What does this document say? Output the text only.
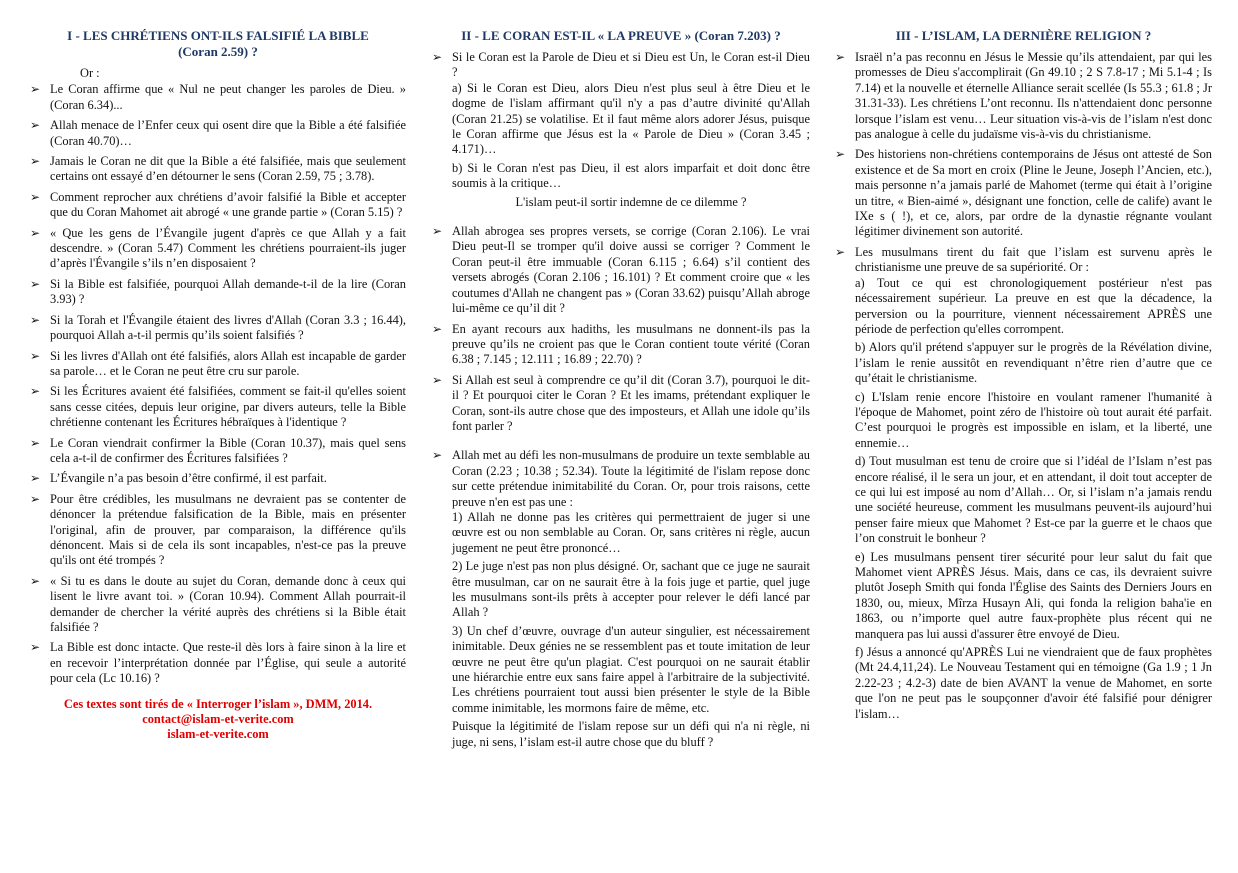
I - LES CHRÉTIENS ONT-ILS FALSIFIÉ LA BIBLE
(Coran 2.59) ?
Or :
➢ Le Coran affirme que « Nul ne peut changer les paroles de Dieu. » (Coran 6.34)...
➢ Allah menace de l’Enfer ceux qui osent dire que la Bible a été falsifiée (Coran 40.70)…
➢ Jamais le Coran ne dit que la Bible a été falsifiée, mais que seulement certains ont essayé d’en détourner le sens (Coran 2.59, 75 ; 3.78).
➢ Comment reprocher aux chrétiens d’avoir falsifié la Bible et accepter que du Coran Mahomet ait abrogé « une grande partie » (Coran 5.15) ?
➢ « Que les gens de l’Évangile jugent d'après ce que Allah y a fait descendre. » (Coran 5.47) Comment les chrétiens pourraient-ils juger d’après l'Évangile s’ils n’en disposaient ?
➢ Si la Bible est falsifiée, pourquoi Allah demande-t-il de la lire (Coran 3.93) ?
➢ Si la Torah et l'Évangile étaient des livres d'Allah (Coran 3.3 ; 16.44), pourquoi Allah a-t-il permis qu’ils soient falsifiés ?
➢ Si les livres d'Allah ont été falsifiés, alors Allah est incapable de garder sa parole… et le Coran ne peut être cru sur parole.
➢ Si les Écritures avaient été falsifiées, comment se fait-il qu'elles soient sans cesse citées, depuis leur origine, par divers auteurs, telle la Bible chrétienne contenant les Écritures hébraïques à l'identique ?
➢ Le Coran viendrait confirmer la Bible (Coran 10.37), mais quel sens cela a-t-il de confirmer des Écritures falsifiées ?
➢ L’Évangile n’a pas besoin d’être confirmé, il est parfait.
➢ Pour être crédibles, les musulmans ne devraient pas se contenter de dénoncer la prétendue falsification de la Bible, mais en présenter l'original, afin de prouver, par comparaison, la différence qu'ils dénoncent. Mais si de cela ils sont incapables, n'est-ce pas la preuve qu'ils ont été trompés ?
➢ « Si tu es dans le doute au sujet du Coran, demande donc à ceux qui lisent le livre avant toi. » (Coran 10.94). Comment Allah pourrait-il demander de chercher la vérité auprès des chrétiens si la Bible était falsifiée ?
➢ La Bible est donc intacte. Que reste-il dès lors à faire sinon à la lire et en recevoir l’interprétation donnée par l’Église, qui seule a autorité pour cela (Lc 10.16) ?
Ces textes sont tirés de « Interroger l’islam », DMM, 2014.
contact@islam-et-verite.com
islam-et-verite.com
II - LE CORAN EST-IL « LA PREUVE » (Coran 7.203) ?
➢ Si le Coran est la Parole de Dieu et si Dieu est Un, le Coran est-il Dieu ?
a) Si le Coran est Dieu, alors Dieu n'est plus seul à être Dieu et le dogme de l'islam affirmant qu'il n'y a pas d’autre divinité qu'Allah (Coran 21.25) se volatilise. Et il faut même alors adorer Jésus, puisque le Coran affirme que Jésus est la « Parole de Dieu » (Coran 3.45 ; 4.171)…
b) Si le Coran n'est pas Dieu, il est alors imparfait et doit donc être soumis à la critique…
L'islam peut-il sortir indemne de ce dilemme ?
➢ Allah abrogea ses propres versets, se corrige (Coran 2.106). Le vrai Dieu peut-Il se tromper qu'il doive aussi se corriger ? Comment le Coran peut-il être immuable (Coran 6.115 ; 6.64) s’il contient des versets abrogés (Coran 2.106 ; 16.101) ? Et comment croire que « les coutumes d'Allah ne changent pas » (Coran 33.62) puisqu’Allah abroge lui-même ce qu’il dit ?
➢ En ayant recours aux hadiths, les musulmans ne donnent-ils pas la preuve qu’ils ne croient pas que le Coran contient toute vérité (Coran 6.38 ; 7.145 ; 12.111 ; 16.89 ; 22.70) ?
➢ Si Allah est seul à comprendre ce qu’il dit (Coran 3.7), pourquoi le dit-il ? Et pourquoi citer le Coran ? Et les imams, prétendant expliquer le Coran, sont-ils autre chose que des imposteurs, et Allah une idole qu’ils font parler ?
➢ Allah met au défi les non-musulmans de produire un texte semblable au Coran (2.23 ; 10.38 ; 52.34). Toute la légitimité de l'islam repose donc sur cette prétendue inimitabilité du Coran. Or, pour trois raisons, cette preuve n'en est pas une :
1) Allah ne donne pas les critères qui permettraient de juger si une œuvre est ou non semblable au Coran. Or, sans critères ni règle, aucun jugement ne peut être prononcé…
2) Le juge n'est pas non plus désigné. Or, sachant que ce juge ne saurait être musulman, car on ne saurait être à la fois juge et partie, quel juge les musulmans sont-ils prêts à accepter pour relever le défi lancé par Allah ?
3) Un chef d’œuvre, ouvrage d'un auteur singulier, est nécessairement inimitable. Deux génies ne se ressemblent pas et toute imitation de leur œuvre ne peut être qu'un plagiat. C'est pourquoi on ne saurait établir une hiérarchie entre eux sans faire appel à l'arbitraire de la subjectivité. Les chrétiens pourraient tout aussi bien présenter le style de la Bible comme inimitable, les mormons faire de même, etc.
Puisque la légitimité de l'islam repose sur un défi qui n'a ni règle, ni juge, ni sens, l’islam est-il autre chose que du bluff ?
III - L’ISLAM, LA DERNIÈRE RELIGION ?
➢ Israël n’a pas reconnu en Jésus le Messie qu’ils attendaient, par qui les promesses de Dieu s'accomplirait (Gn 49.10 ; 2 S 7.8-17 ; Mi 5.1-4 ; Is 7.14) et la nouvelle et éternelle Alliance serait scellée (Is 55.3 ; 61.8 ; Jr 31.31-33). Les chrétiens L’ont reconnu. Ils n'attendaient donc personne lorsque l’islam est venu… Leur situation vis-à-vis de l’islam n'est donc pas analogue à celle du judaïsme vis-à-vis du christianisme.
➢ Des historiens non-chrétiens contemporains de Jésus ont attesté de Son existence et de Sa mort en croix (Pline le Jeune, Joseph l’Ancien, etc.), mais personne n’a jamais parlé de Mahomet (terme qui était à l’origine un titre, « Bien-aimé », désignant une fonction, celle de calife) avant le IXe s ( !), et ce, alors, par ordre de la dynastie régnante voulant légitimer divinement son autorité.
➢ Les musulmans tirent du fait que l’islam est survenu après le christianisme une preuve de sa supériorité. Or :
a) Tout ce qui est chronologiquement postérieur n'est pas nécessairement supérieur. La preuve en est que la décadence, la perversion ou la pourriture, viennent nécessairement APRÈS une période de perfection qu'elles corrompent.
b) Alors qu'il prétend s'appuyer sur le progrès de la Révélation divine, l’islam le renie aussitôt en revendiquant n’être rien d’autre que ce qu’était le christianisme.
c) L'Islam renie encore l'histoire en voulant ramener l'humanité à l'époque de Mahomet, point zéro de l'histoire où tout aurait été parfait. C’est pourquoi le progrès est impossible en islam, et la liberté, une ennemie…
d) Tout musulman est tenu de croire que si l’idéal de l’Islam n’est pas encore réalisé, il le sera un jour, et en attendant, il doit tout accepter de ce qui lui est imposé au nom d’Allah… Or, si l’islam n’a jamais rendu une société heureuse, comment les musulmans peuvent-ils aujourd’hui penser faire mieux que Mahomet ? Est-ce par la guerre et le chaos que l’on construit le bonheur ?
e) Les musulmans pensent tirer sécurité pour leur salut du fait que Mahomet vient APRÈS Jésus. Mais, dans ce cas, ils devraient suivre plutôt Joseph Smith qui fonda l'Église des Saints des Derniers Jours en 1830, ou, mieux, Mîrza Husayn Ali, qui fonda la religion baha'ie en 1863, ou n’importe quel autre faux-prophète plus récent qui ne manquera pas lui aussi d'assurer être envoyé de Dieu.
f) Jésus a annoncé qu'APRÈS Lui ne viendraient que de faux prophètes (Mt 24.4,11,24). Le Nouveau Testament qui en témoigne (Ga 1.9 ; 1 Jn 2.22-23 ; 4.2-3) date de bien AVANT la venue de Mahomet, en sorte que l'on ne peut pas le soupçonner d'avoir été falsifié pour dénigrer l'islam…
